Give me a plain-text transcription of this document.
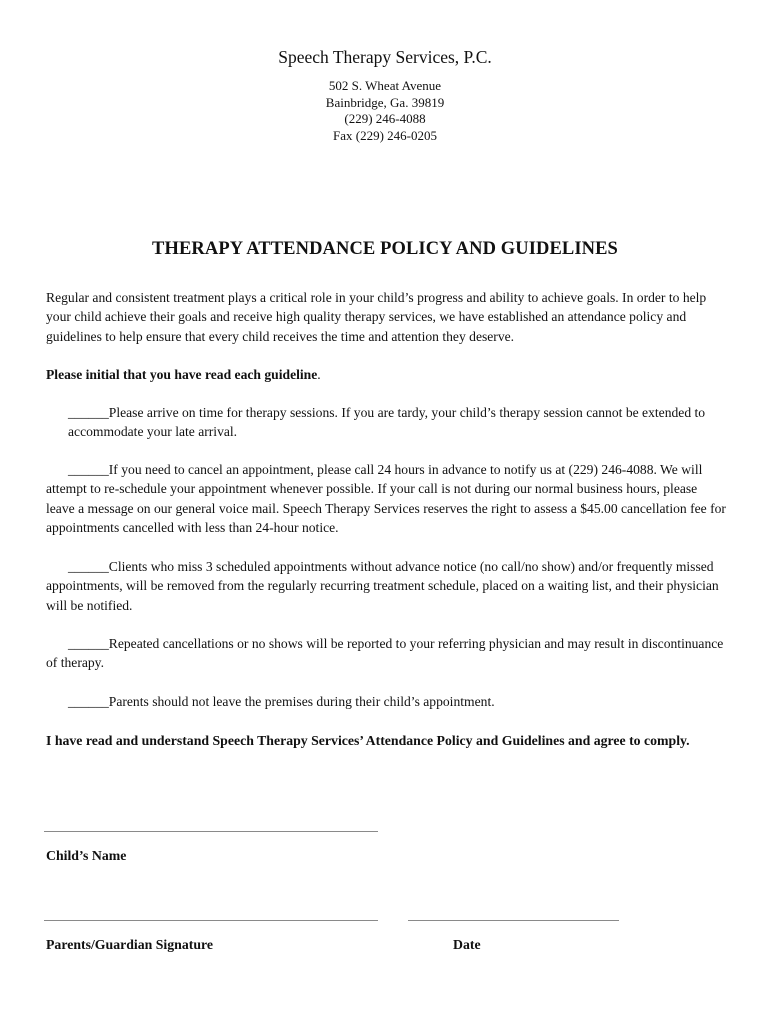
Speech Therapy Services, P.C.
502 S. Wheat Avenue
Bainbridge, Ga. 39819
(229) 246-4088
Fax (229) 246-0205
THERAPY ATTENDANCE POLICY AND GUIDELINES
Regular and consistent treatment plays a critical role in your child’s progress and ability to achieve goals. In order to help your child achieve their goals and receive high quality therapy services, we have established an attendance policy and guidelines to help ensure that every child receives the time and attention they deserve.
Please initial that you have read each guideline.
______Please arrive on time for therapy sessions. If you are tardy, your child’s therapy session cannot be extended to accommodate your late arrival.
______If you need to cancel an appointment, please call 24 hours in advance to notify us at (229) 246-4088. We will attempt to re-schedule your appointment whenever possible. If your call is not during our normal business hours, please leave a message on our general voice mail. Speech Therapy Services reserves the right to assess a $45.00 cancellation fee for appointments cancelled with less than 24-hour notice.
______Clients who miss 3 scheduled appointments without advance notice (no call/no show) and/or frequently missed appointments, will be removed from the regularly recurring treatment schedule, placed on a waiting list, and their physician will be notified.
______Repeated cancellations or no shows will be reported to your referring physician and may result in discontinuance of therapy.
______Parents should not leave the premises during their child’s appointment.
I have read and understand Speech Therapy Services’ Attendance Policy and Guidelines and agree to comply.
Child’s Name
Parents/Guardian Signature	Date
